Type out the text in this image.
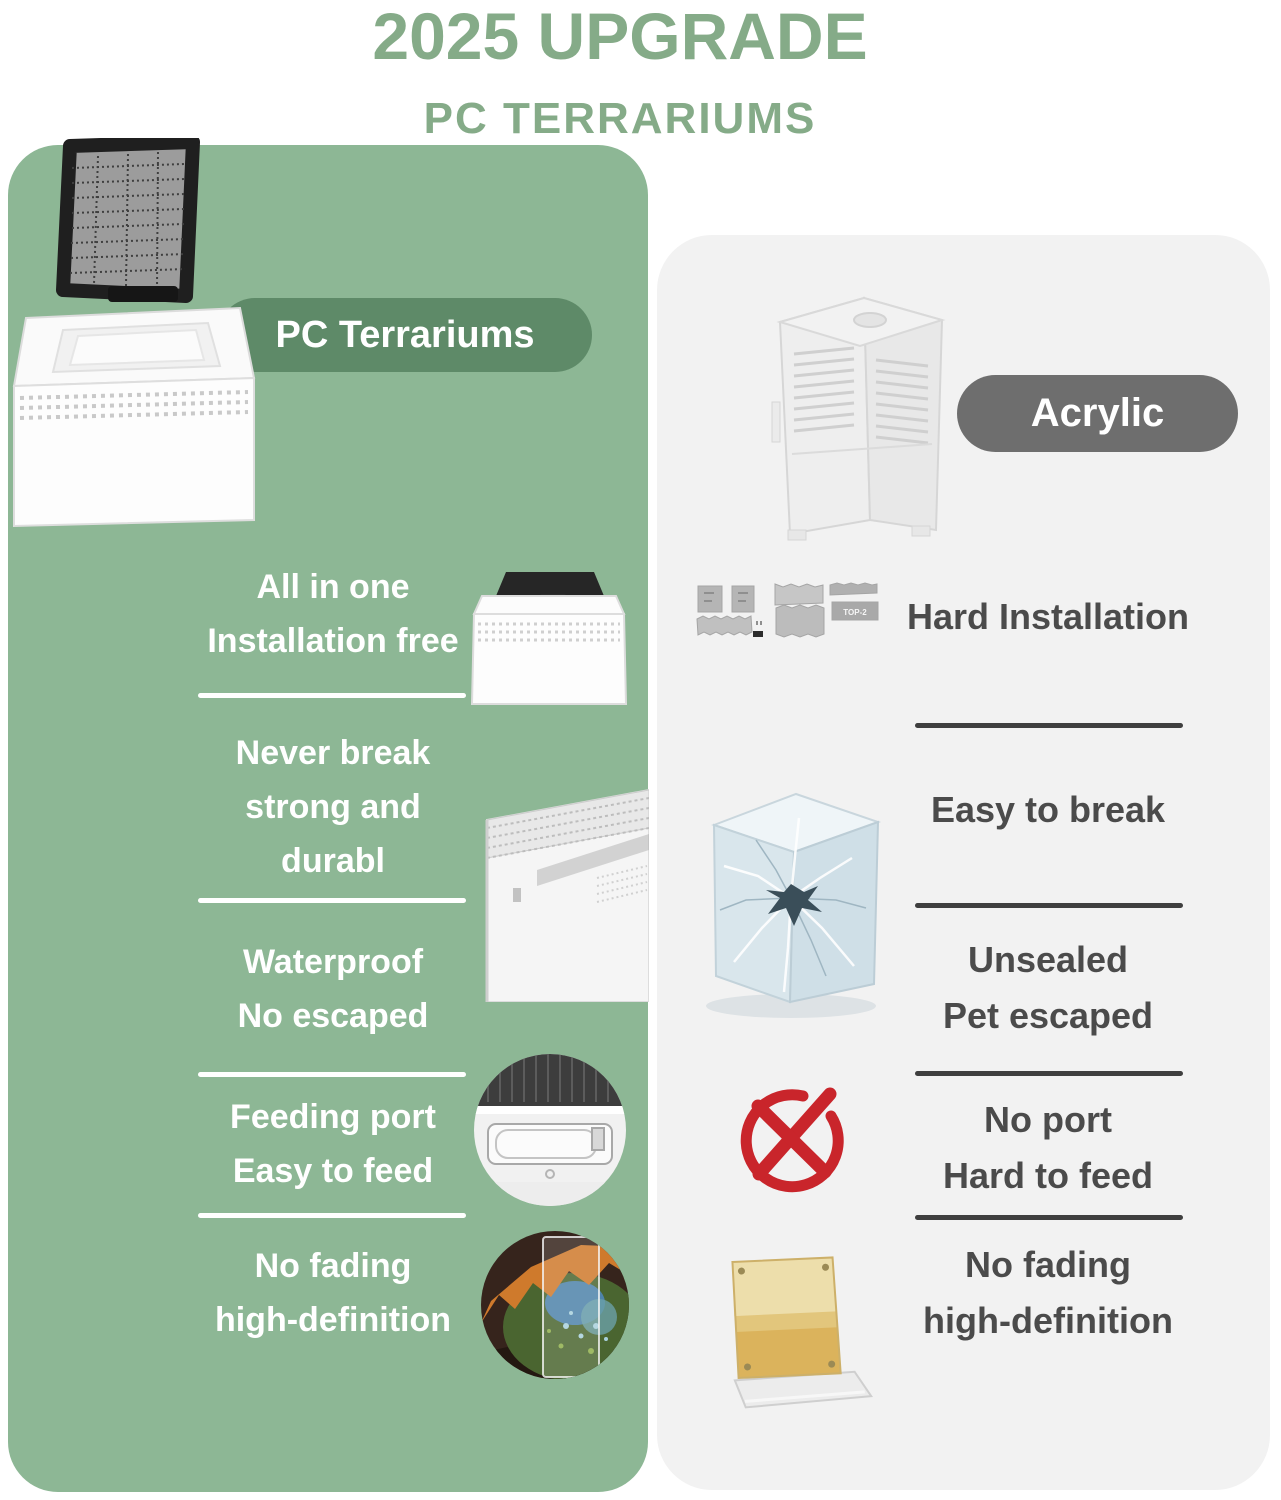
2025 UPGRADE
PC TERRARIUMS
PC Terrariums
All in one
Installation free
Never break
strong and
durabl
Waterproof
No escaped
Feeding port
Easy to feed
No fading
high-definition
Acrylic
Hard Installation
Easy to break
Unsealed
Pet escaped
No port
Hard to feed
No fading
high-definition
TOP-2
